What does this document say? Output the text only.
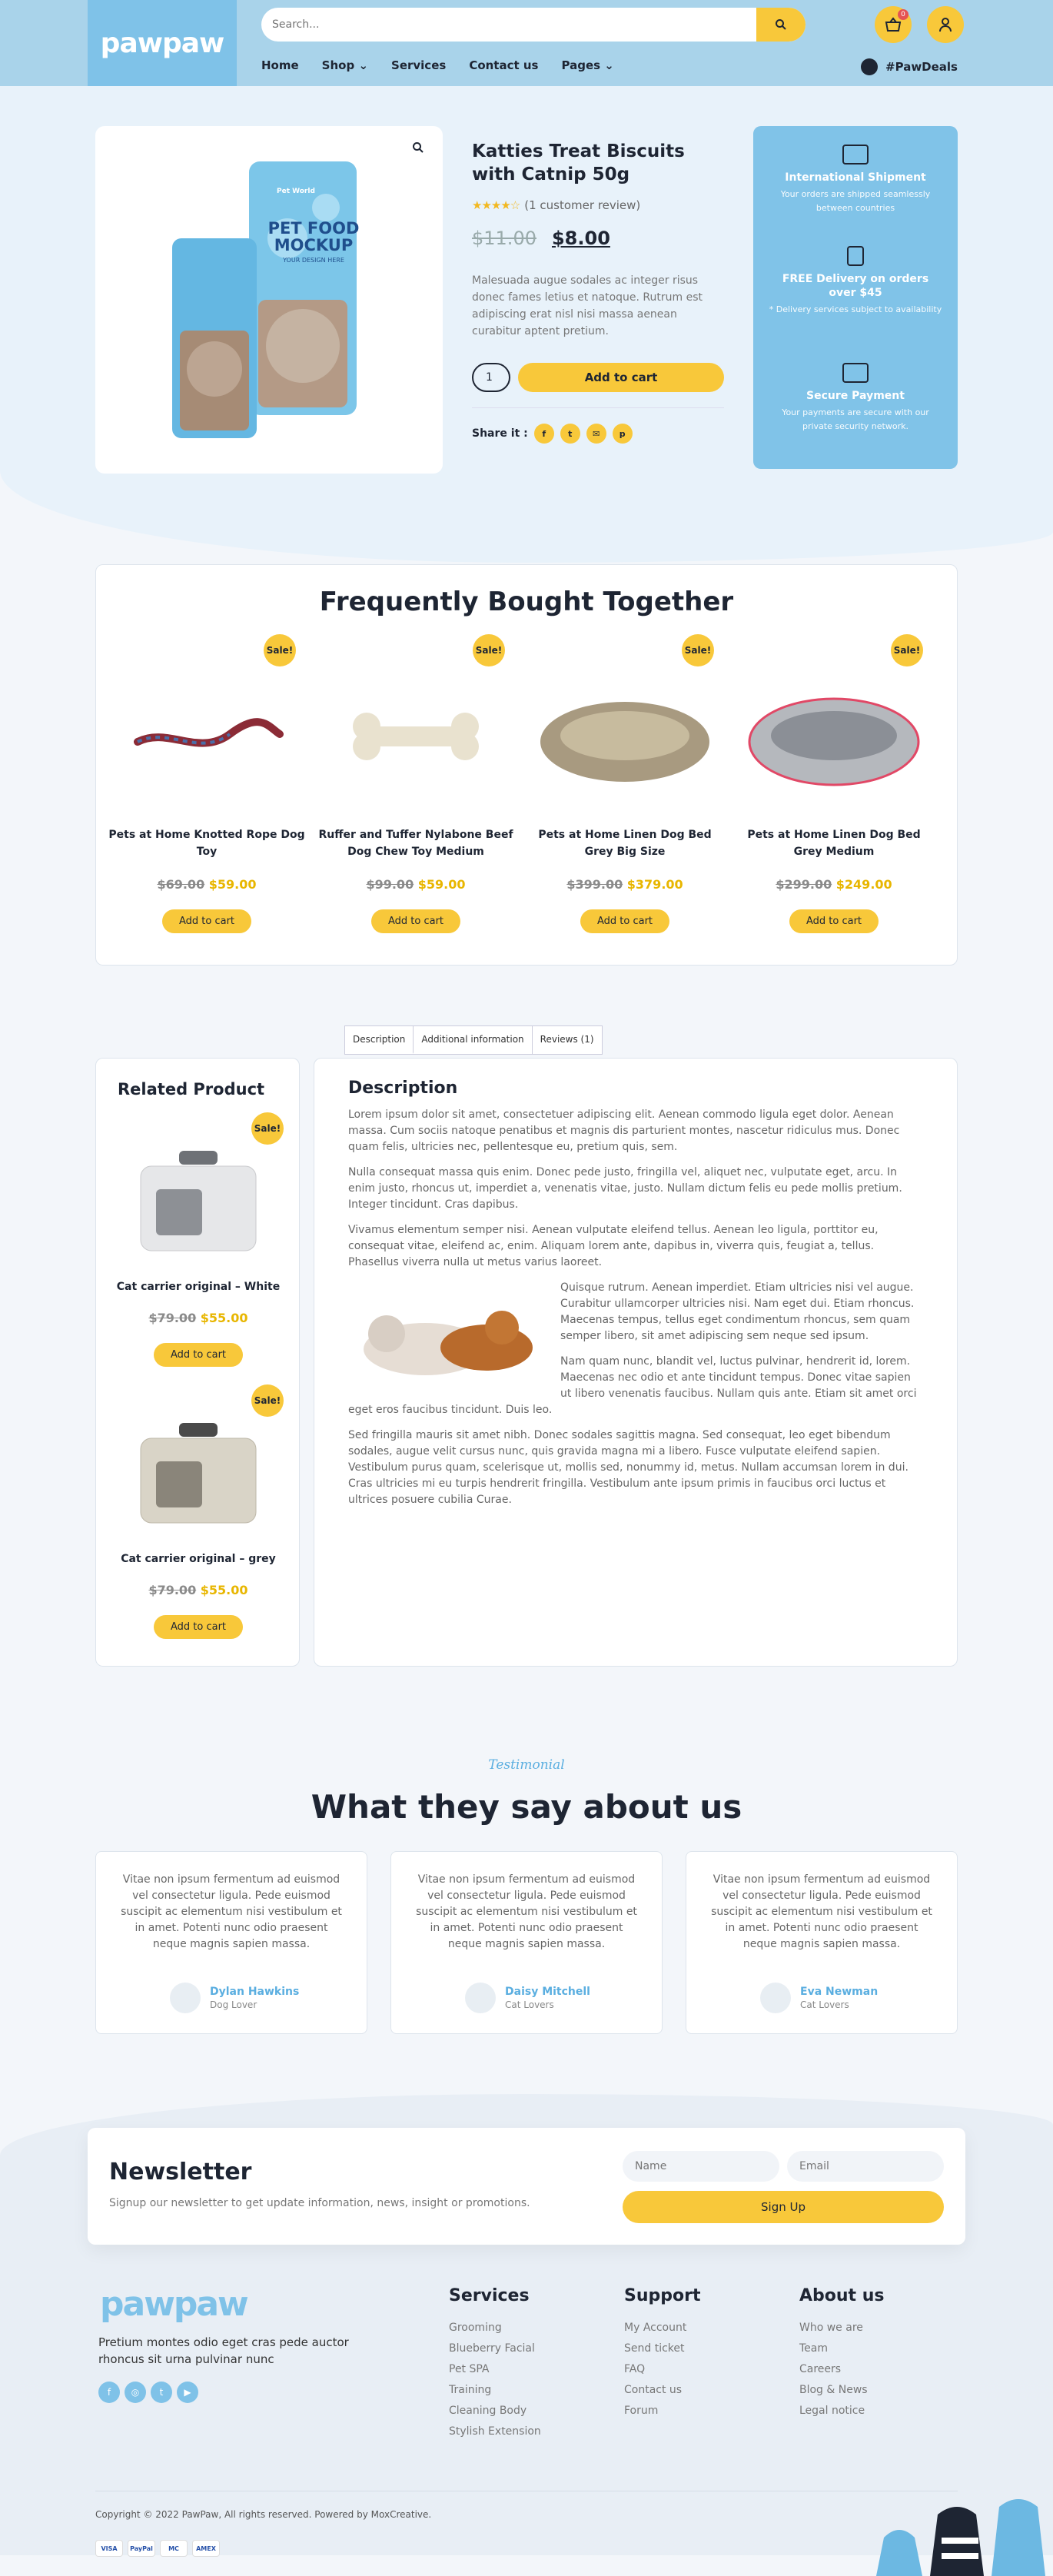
pawpaw
Search...
0
Home Shop ⌄ Services Contact us Pages ⌄	#PawDeals
Pet World
PET FOOD MOCKUP
YOUR DESIGN HERE
Katties Treat Biscuits with Catnip 50g
★★★★☆ (1 customer review)
$11.00 $8.00
Malesuada augue sodales ac integer risus donec fames letius et natoque. Rutrum est adipiscing erat nisl nisi massa aenean curabitur aptent pretium.
1	Add to cart
Share it :	f	t	✉	p
International Shipment
Your orders are shipped seamlessly between countries
FREE Delivery on orders over $45
* Delivery services subject to availability
Secure Payment
Your payments are secure with our private security network.
Frequently Bought Together
Sale!
Pets at Home Knotted Rope Dog Toy
$69.00 $59.00
Add to cart
Sale!
Ruffer and Tuffer Nylabone Beef Dog Chew Toy Medium
$99.00 $59.00
Add to cart
Sale!
Pets at Home Linen Dog Bed Grey Big Size
$399.00 $379.00
Add to cart
Sale!
Pets at Home Linen Dog Bed Grey Medium
$299.00 $249.00
Add to cart
Description	Additional information	Reviews (1)
Related Product
Sale!
Cat carrier original – White
$79.00 $55.00
Add to cart
Sale!
Cat carrier original – grey
$79.00 $55.00
Add to cart
Description

Lorem ipsum dolor sit amet, consectetuer adipiscing elit. Aenean commodo ligula eget dolor. Aenean massa. Cum sociis natoque penatibus et magnis dis parturient montes, nascetur ridiculus mus. Donec quam felis, ultricies nec, pellentesque eu, pretium quis, sem.

Nulla consequat massa quis enim. Donec pede justo, fringilla vel, aliquet nec, vulputate eget, arcu. In enim justo, rhoncus ut, imperdiet a, venenatis vitae, justo. Nullam dictum felis eu pede mollis pretium. Integer tincidunt. Cras dapibus.

Vivamus elementum semper nisi. Aenean vulputate eleifend tellus. Aenean leo ligula, porttitor eu, consequat vitae, eleifend ac, enim. Aliquam lorem ante, dapibus in, viverra quis, feugiat a, tellus. Phasellus viverra nulla ut metus varius laoreet.

Quisque rutrum. Aenean imperdiet. Etiam ultricies nisi vel augue. Curabitur ullamcorper ultricies nisi. Nam eget dui. Etiam rhoncus. Maecenas tempus, tellus eget condimentum rhoncus, sem quam semper libero, sit amet adipiscing sem neque sed ipsum.

Nam quam nunc, blandit vel, luctus pulvinar, hendrerit id, lorem. Maecenas nec odio et ante tincidunt tempus. Donec vitae sapien ut libero venenatis faucibus. Nullam quis ante. Etiam sit amet orci eget eros faucibus tincidunt. Duis leo.

Sed fringilla mauris sit amet nibh. Donec sodales sagittis magna. Sed consequat, leo eget bibendum sodales, augue velit cursus nunc, quis gravida magna mi a libero. Fusce vulputate eleifend sapien. Vestibulum purus quam, scelerisque ut, mollis sed, nonummy id, metus. Nullam accumsan lorem in dui. Cras ultricies mi eu turpis hendrerit fringilla. Vestibulum ante ipsum primis in faucibus orci luctus et ultrices posuere cubilia Curae.

Testimonial
What they say about us

Vitae non ipsum fermentum ad euismod vel consectetur ligula. Pede euismod suscipit ac elementum nisi vestibulum et in amet. Potenti nunc odio praesent neque magnis sapien massa.

Dylan Hawkins
Dog Lover

Vitae non ipsum fermentum ad euismod vel consectetur ligula. Pede euismod suscipit ac elementum nisi vestibulum et in amet. Potenti nunc odio praesent neque magnis sapien massa.

Daisy Mitchell
Cat Lovers

Vitae non ipsum fermentum ad euismod vel consectetur ligula. Pede euismod suscipit ac elementum nisi vestibulum et in amet. Potenti nunc odio praesent neque magnis sapien massa.

Eva Newman
Cat Lovers
Newsletter
Signup our newsletter to get update information, news, insight or promotions.
Name
Email	Sign Up
pawpaw
Pretium montes odio eget cras pede auctor rhoncus sit urna pulvinar nunc
f	◎	t	▶
Services
Grooming
Blueberry Facial
Pet SPA
Training
Cleaning Body
Stylish Extension
Support
My Account
Send ticket
FAQ
Contact us
Forum
About us
Who we are
Team
Careers
Blog & News
Legal notice
Copyright © 2022 PawPaw, All rights reserved. Powered by MoxCreative.
VISA	PayPal	MC	AMEX
